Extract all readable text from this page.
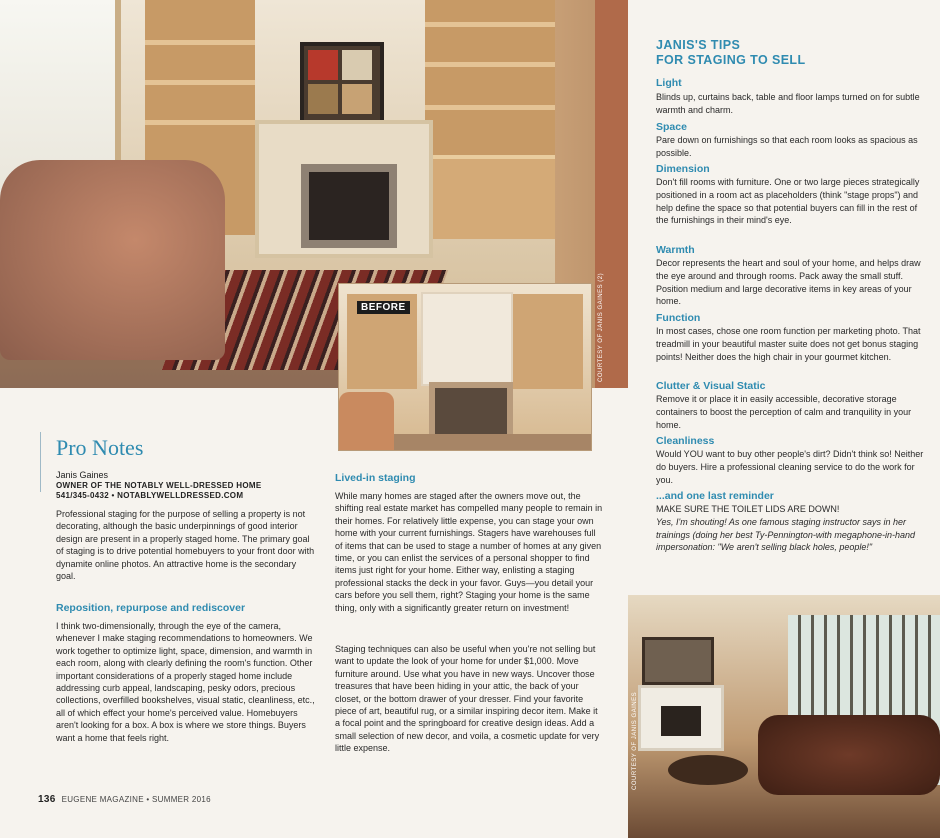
BEFORE	COURTESY OF JANIS GAINES (2)
COURTESY OF JANIS GAINES
JANIS'S TIPS
FOR STAGING TO SELL
Light
Blinds up, curtains back, table and floor lamps turned on for subtle warmth and charm.
Space
Pare down on furnishings so that each room looks as spacious as possible.
Dimension
Don't fill rooms with furniture. One or two large pieces strategically positioned in a room act as placeholders (think "stage props") and help define the space so that potential buyers can fill in the rest of the furnishings in their mind's eye.
Warmth
Decor represents the heart and soul of your home, and helps draw the eye around and through rooms. Pack away the small stuff. Position medium and large decorative items in key areas of your home.
Function
In most cases, chose one room function per marketing photo. That treadmill in your beautiful master suite does not get bonus staging points! Neither does the high chair in your gourmet kitchen.
Clutter & Visual Static
Remove it or place it in easily accessible, decorative storage containers to boost the perception of calm and tranquility in your home.
Cleanliness
Would YOU want to buy other people's dirt? Didn't think so! Neither do buyers. Hire a professional cleaning service to do the work for you.
...and one last reminder
MAKE SURE THE TOILET LIDS ARE DOWN!
Yes, I'm shouting! As one famous staging instructor says in her trainings (doing her best Ty-Pennington-with megaphone-in-hand impersonation: "We aren't selling black holes, people!"
Pro Notes
Janis Gaines
OWNER OF THE NOTABLY WELL-DRESSED HOME
541/345-0432 • NOTABLYWELLDRESSED.COM
Professional staging for the purpose of selling a property is not decorating, although the basic underpinnings of good interior design are present in a properly staged home. The primary goal of staging is to drive potential homebuyers to your front door with dynamite online photos. An attractive home is the secondary goal.
Reposition, repurpose and rediscover
I think two-dimensionally, through the eye of the camera, whenever I make staging recommendations to homeowners. We work together to optimize light, space, dimension, and warmth in each room, along with clearly defining the room's function. Other important considerations of a properly staged home include addressing curb appeal, landscaping, pesky odors, precious collections, overfilled bookshelves, visual static, cleanliness, etc., all of which effect your home's perceived value. Homebuyers aren't looking for a box. A box is where we store things. Buyers want a home that feels right.
Lived-in staging
While many homes are staged after the owners move out, the shifting real estate market has compelled many people to remain in their homes. For relatively little expense, you can stage your own home with your current furnishings. Stagers have warehouses full of items that can be used to stage a number of homes at any given time, or you can enlist the services of a personal shopper to find items just right for your home. Either way, enlisting a staging professional stacks the deck in your favor. Guys—you detail your cars before you sell them, right? Staging your home is the same thing, only with a significantly greater return on investment!
Staging techniques can also be useful when you're not selling but want to update the look of your home for under $1,000. Move furniture around. Use what you have in new ways. Uncover those treasures that have been hiding in your attic, the back of your closet, or the bottom drawer of your dresser. Find your favorite piece of art, beautiful rug, or a similar inspiring decor item. Make it a focal point and the springboard for creative design ideas. Add a small selection of new decor, and voila, a cosmetic update for very little expense.
136 EUGENE MAGAZINE • SUMMER 2016
